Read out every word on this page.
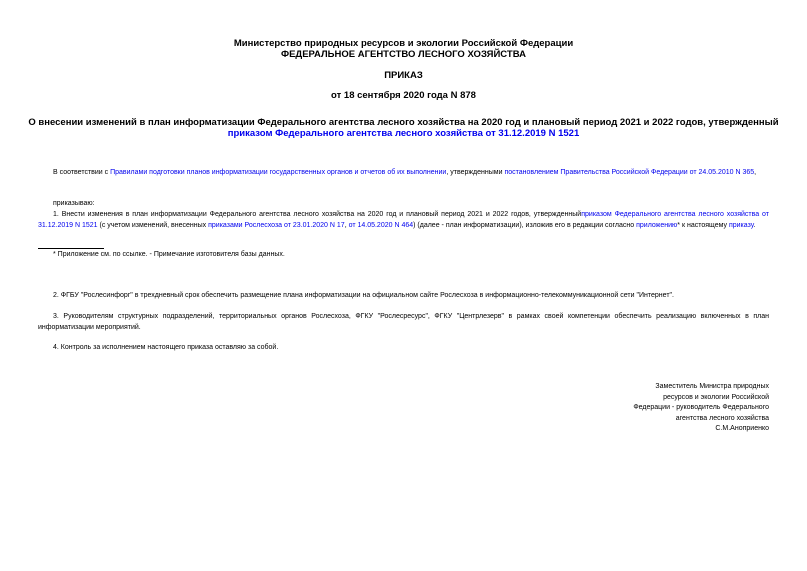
Министерство природных ресурсов и экологии Российской Федерации
ФЕДЕРАЛЬНОЕ АГЕНТСТВО ЛЕСНОГО ХОЗЯЙСТВА
ПРИКАЗ
от 18 сентября 2020 года N 878
О внесении изменений в план информатизации Федерального агентства лесного хозяйства на 2020 год и плановый период 2021 и 2022 годов, утвержденный
приказом Федерального агентства лесного хозяйства от 31.12.2019 N 1521
В соответствии с Правилами подготовки планов информатизации государственных органов и отчетов об их выполнении, утвержденными постановлением Правительства Российской Федерации от 24.05.2010 N 365,
приказываю:
1. Внести изменения в план информатизации Федерального агентства лесного хозяйства на 2020 год и плановый период 2021 и 2022 годов, утвержденныйприказом Федерального агентства лесного хозяйства от 31.12.2019 N 1521 (с учетом изменений, внесенных приказами Рослесхоза от 23.01.2020 N 17, от 14.05.2020 N 464) (далее - план информатизации), изложив его в редакции согласно приложению* к настоящему приказу.
* Приложение см. по ссылке. - Примечание изготовителя базы данных.
2. ФГБУ "Рослесинфорг" в трехдневный срок обеспечить размещение плана информатизации на официальном сайте Рослесхоза в информационно-телекоммуникационной сети "Интернет".
3. Руководителям структурных подразделений, территориальных органов Рослесхоза, ФГКУ "Рослесресурс", ФГКУ "Центрлезерв" в рамках своей компетенции обеспечить реализацию включенных в план информатизации мероприятий.
4. Контроль за исполнением настоящего приказа оставляю за собой.
Заместитель Министра природных
ресурсов и экологии Российской
Федерации - руководитель Федерального
агентства лесного хозяйства
С.М.Аноприенко
